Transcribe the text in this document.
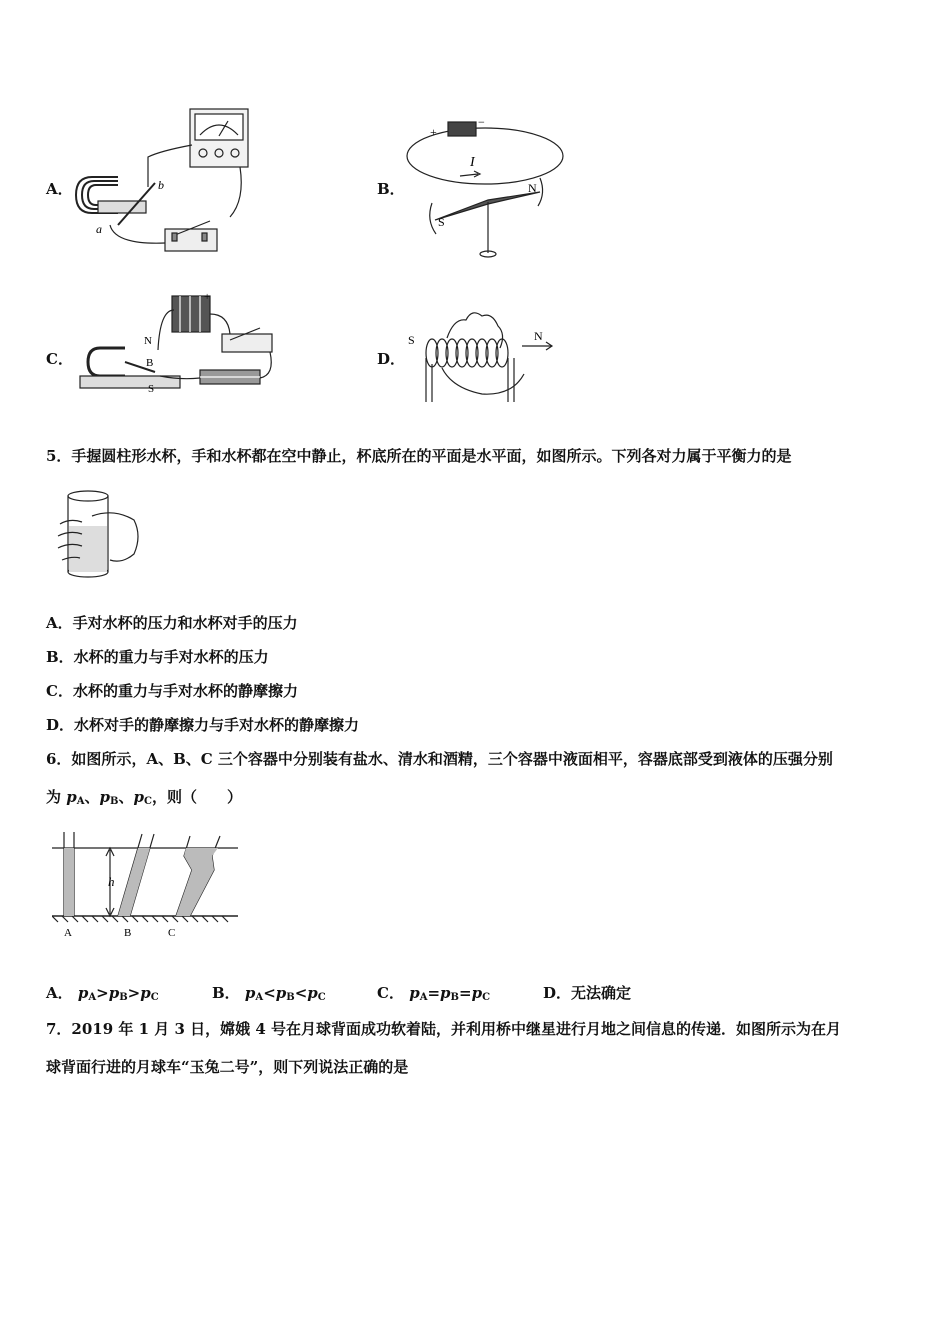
A．	b
a
B．
+
−
I
N
S
C．
N
B
S
+
D．
S	N
5．手握圆柱形水杯，手和水杯都在空中静止，杯底所在的平面是水平面，如图所示。下列各对力属于平衡力的是
A．手对水杯的压力和水杯对手的压力
B．水杯的重力与手对水杯的压力
C．水杯的重力与手对水杯的静摩擦力
D．水杯对手的静摩擦力与手对水杯的静摩擦力
6．如图所示，A、B、C 三个容器中分别装有盐水、清水和酒精，三个容器中液面相平，容器底部受到液体的压强分别
为 $p_A$、$p_B$、$p_C$，则（　　）
h
A	B	C
A． $p_A>p_B>p_C$	B． $p_A<p_B<p_C$	C． $p_A=p_B=p_C$	D．无法确定
7．2019 年 1 月 3 日，嫦娥 4 号在月球背面成功软着陆，并利用桥中继星进行月地之间信息的传递．如图所示为在月
球背面行进的月球车“玉兔二号”，则下列说法正确的是
